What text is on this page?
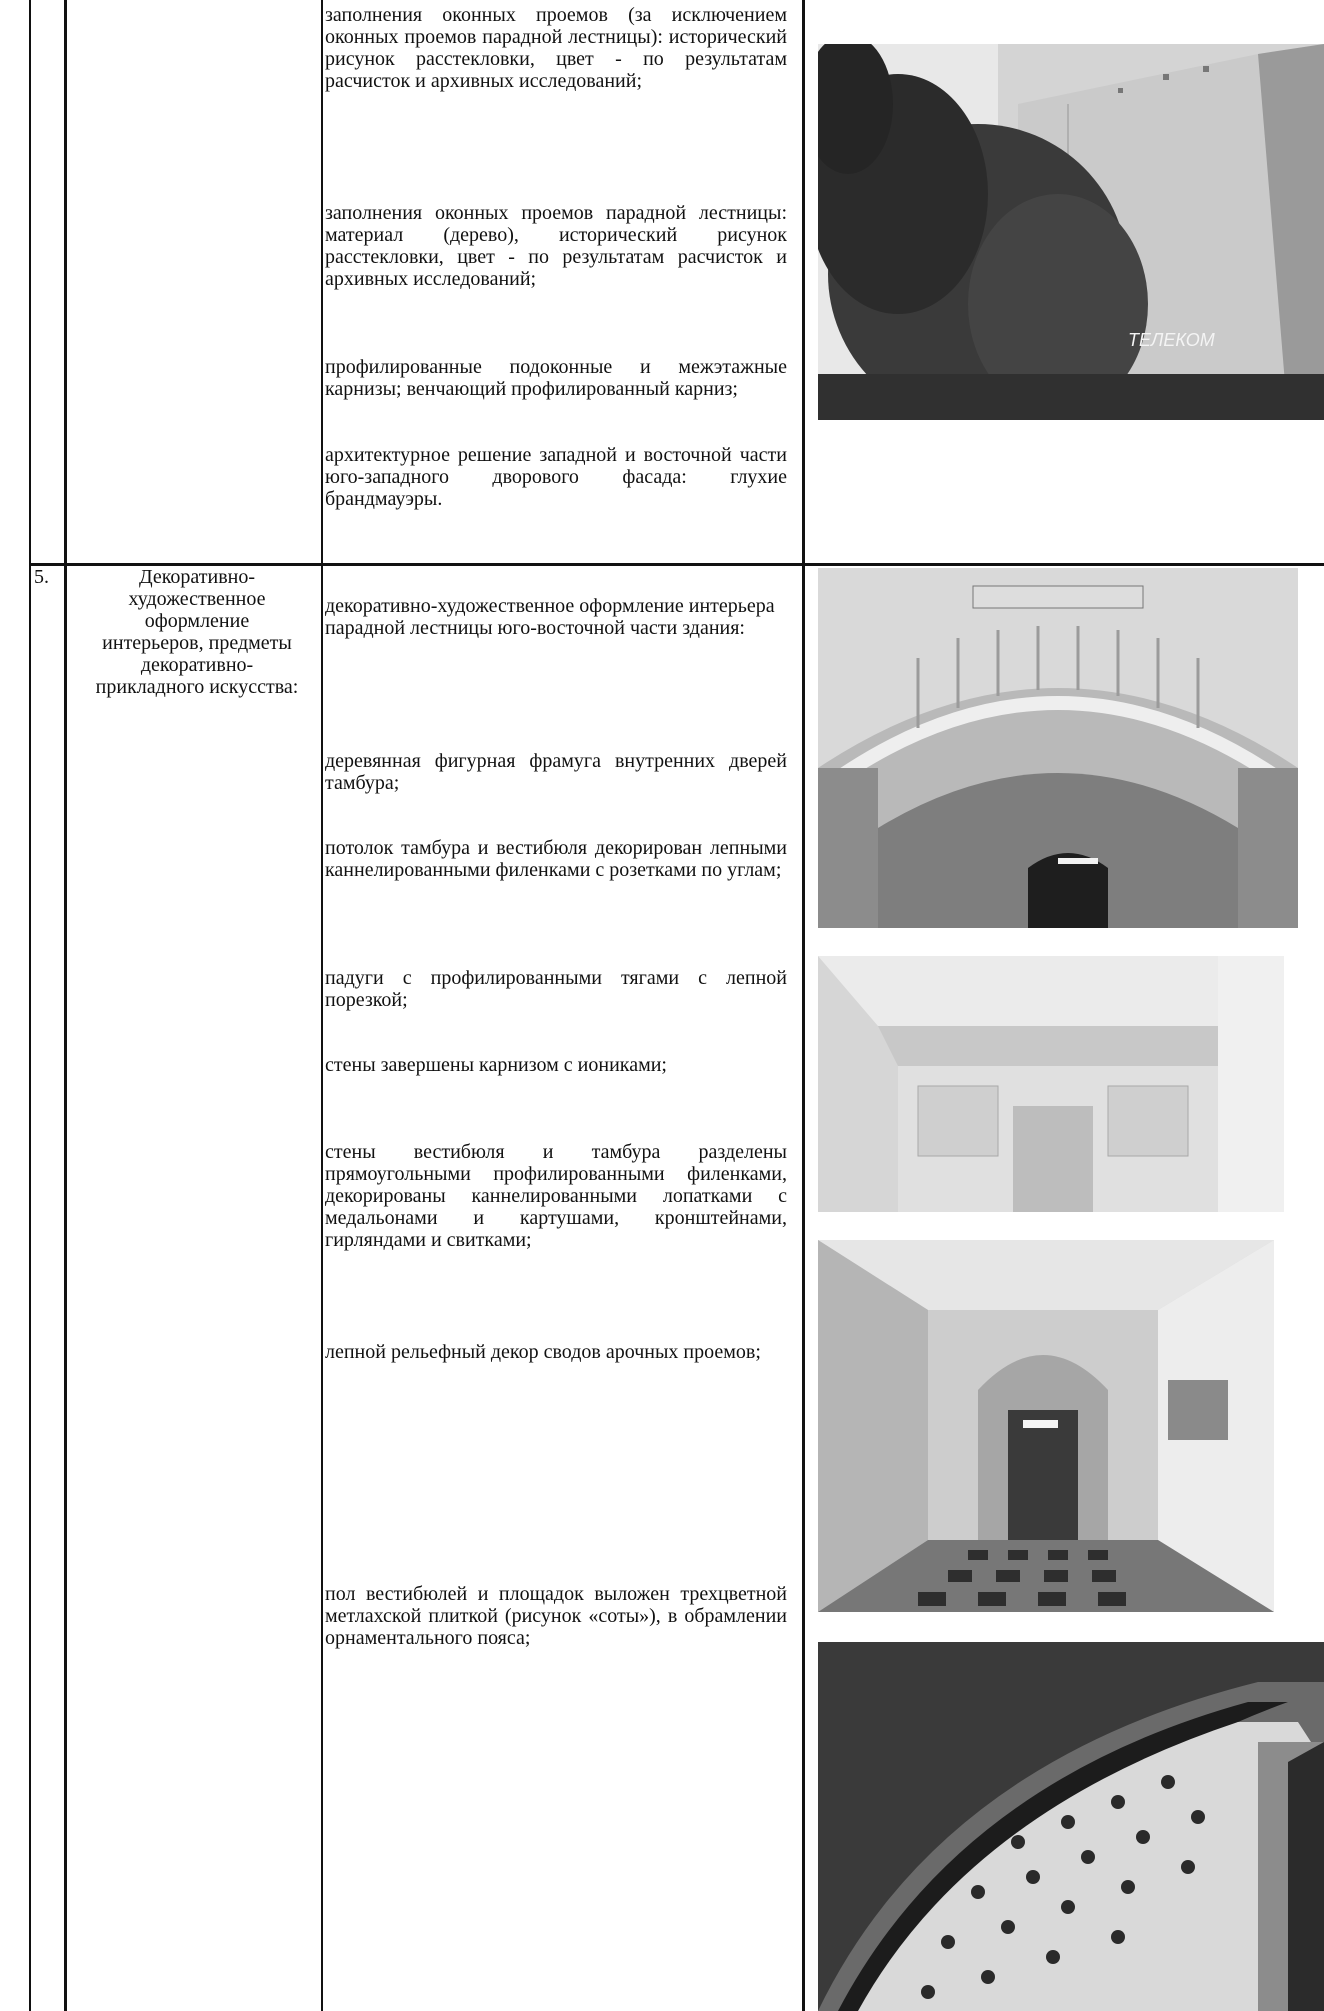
заполнения оконных проемов (за исключением оконных проемов парадной лестницы): исторический рисунок расстекловки, цвет - по результатам расчисток и архивных исследований;

заполнения оконных проемов парадной лестницы: материал (дерево), исторический рисунок расстекловки, цвет - по результатам расчисток и архивных исследований;

профилированные подоконные и межэтажные карнизы; венчающий профилированный карниз;

архитектурное решение западной и восточной части юго-западного дворового фасада: глухие брандмауэры.

ТЕЛЕКОМ
5.	Декоративно-художественное оформление интерьеров, предметы декоративно-прикладного искусства:

декоративно-художественное оформление интерьера парадной лестницы юго-восточной части здания:

деревянная фигурная фрамуга внутренних дверей тамбура;

потолок тамбура и вестибюля декорирован лепными каннелированными филенками с розетками по углам;

падуги с профилированными тягами с лепной порезкой;

стены завершены карнизом с иониками;

стены вестибюля и тамбура разделены прямоугольными профилированными филенками, декорированы каннелированными лопатками с медальонами и картушами, кронштейнами, гирляндами и свитками;

лепной рельефный декор сводов арочных проемов;

пол вестибюлей и площадок выложен трехцветной метлахской плиткой (рисунок «соты»), в обрамлении орнаментального пояса;
